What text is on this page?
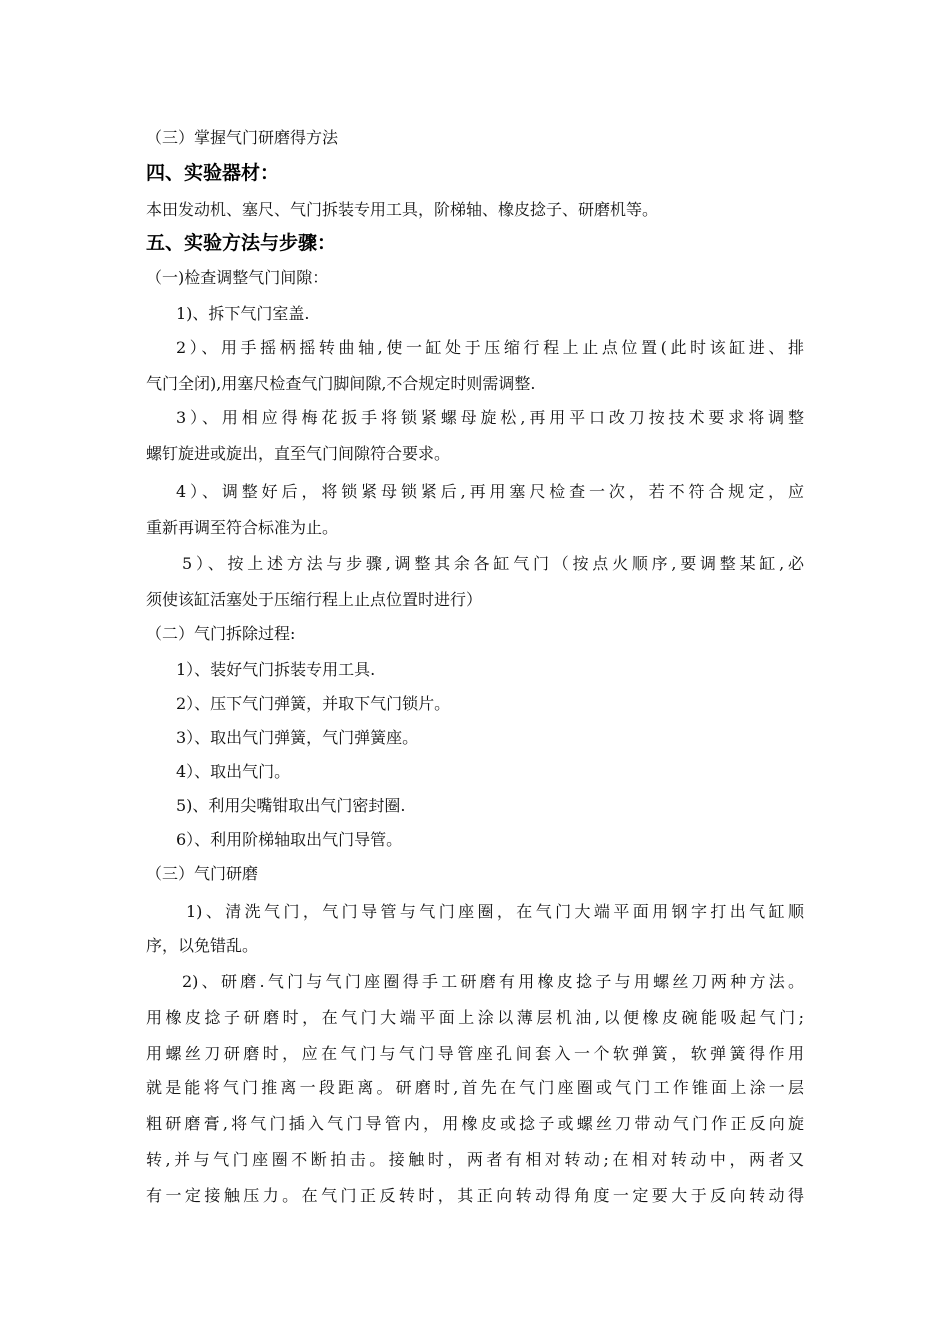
（三）掌握气门研磨得方法
四、实验器材：
本田发动机、塞尺、气门拆装专用工具，阶梯轴、橡皮捻子、研磨机等。
五、实验方法与步骤：
（一)检查调整气门间隙：
1)、拆下气门室盖.
2）、用手摇柄摇转曲轴,使一缸处于压缩行程上止点位置(此时该缸进、排
气门全闭),用塞尺检查气门脚间隙,不合规定时则需调整.
3）、用相应得梅花扳手将锁紧螺母旋松,再用平口改刀按技术要求将调整
螺钉旋进或旋出，直至气门间隙符合要求。
4）、调整好后，将锁紧母锁紧后,再用塞尺检查一次，若不符合规定，应
重新再调至符合标准为止。
5）、按上述方法与步骤,调整其余各缸气门（按点火顺序,要调整某缸,必
须使该缸活塞处于压缩行程上止点位置时进行）
（二）气门拆除过程:
1）、装好气门拆装专用工具.
2）、压下气门弹簧，并取下气门锁片。
3）、取出气门弹簧，气门弹簧座。
4）、取出气门。
5)、利用尖嘴钳取出气门密封圈.
6）、利用阶梯轴取出气门导管。
（三）气门研磨
1)、清洗气门，气门导管与气门座圈，在气门大端平面用钢字打出气缸顺
序，以免错乱。
2)、研磨.气门与气门座圈得手工研磨有用橡皮捻子与用螺丝刀两种方法。
用橡皮捻子研磨时，在气门大端平面上涂以薄层机油,以便橡皮碗能吸起气门;
用螺丝刀研磨时，应在气门与气门导管座孔间套入一个软弹簧，软弹簧得作用
就是能将气门推离一段距离。研磨时,首先在气门座圈或气门工作锥面上涂一层
粗研磨膏,将气门插入气门导管内，用橡皮或捻子或螺丝刀带动气门作正反向旋
转,并与气门座圈不断拍击。接触时，两者有相对转动;在相对转动中，两者又
有一定接触压力。在气门正反转时，其正向转动得角度一定要大于反向转动得
